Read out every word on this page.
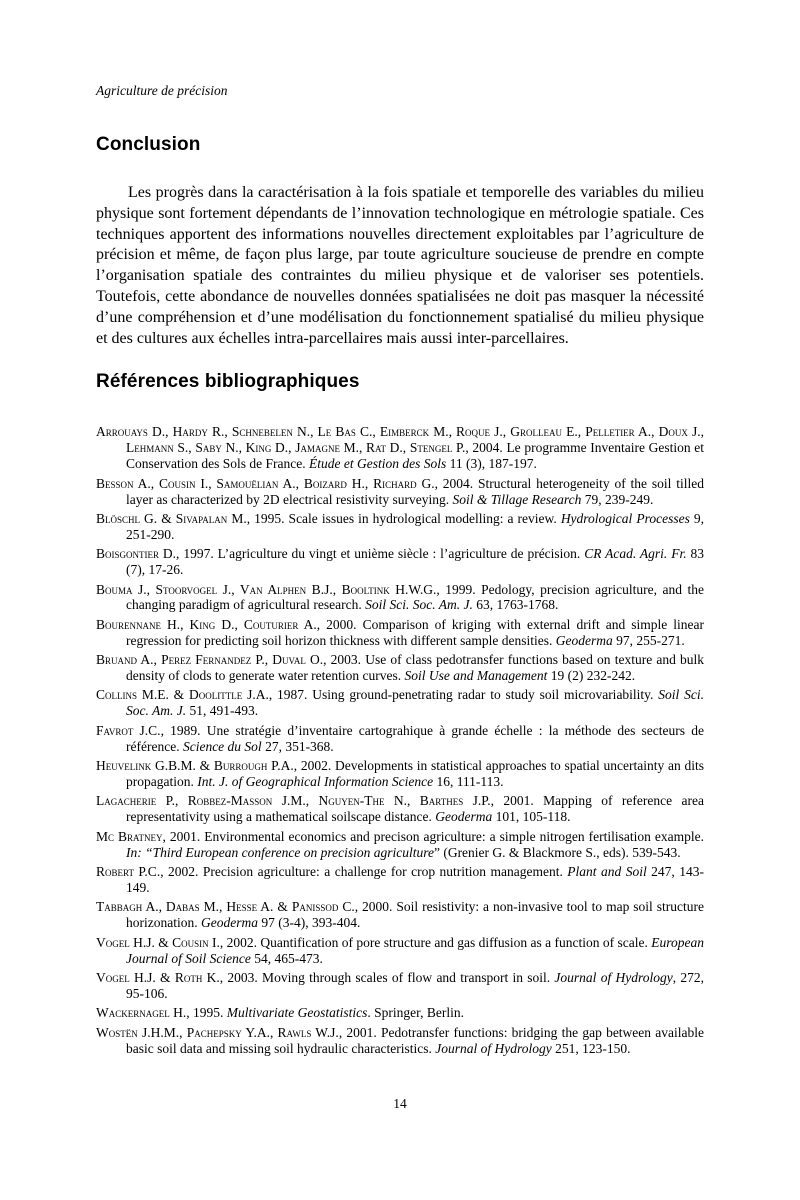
Agriculture de précision

Conclusion

Les progrès dans la caractérisation à la fois spatiale et temporelle des variables du milieu physique sont fortement dépendants de l’innovation technologique en métrologie spatiale. Ces techniques apportent des informations nouvelles directement exploitables par l’agriculture de précision et même, de façon plus large, par toute agriculture soucieuse de prendre en compte l’organisation spatiale des contraintes du milieu physique et de valoriser ses potentiels. Toutefois, cette abondance de nouvelles données spatialisées ne doit pas masquer la nécessité d’une compréhension et d’une modélisation du fonctionnement spatialisé du milieu physique et des cultures aux échelles intra-parcellaires mais aussi inter-parcellaires.

Références bibliographiques

Arrouays D., Hardy R., Schnebelen N., Le Bas C., Eimberck M., Roque J., Grolleau E., Pelletier A., Doux J., Lehmann S., Saby N., King D., Jamagne M., Rat D., Stengel P., 2004. Le programme Inventaire Gestion et Conservation des Sols de France. Étude et Gestion des Sols 11 (3), 187-197.

Besson A., Cousin I., Samouëlian A., Boizard H., Richard G., 2004. Structural heterogeneity of the soil tilled layer as characterized by 2D electrical resistivity surveying. Soil & Tillage Research 79, 239-249.

Blöschl G. & Sivapalan M., 1995. Scale issues in hydrological modelling: a review. Hydrological Processes 9, 251-290.

Boisgontier D., 1997. L’agriculture du vingt et unième siècle : l’agriculture de précision. CR Acad. Agri. Fr. 83 (7), 17-26.

Bouma J., Stoorvogel J., Van Alphen B.J., Booltink H.W.G., 1999. Pedology, precision agriculture, and the changing paradigm of agricultural research. Soil Sci. Soc. Am. J. 63, 1763-1768.

Bourennane H., King D., Couturier A., 2000. Comparison of kriging with external drift and simple linear regression for predicting soil horizon thickness with different sample densities. Geoderma 97, 255-271.

Bruand A., Perez Fernandez P., Duval O., 2003. Use of class pedotransfer functions based on texture and bulk density of clods to generate water retention curves. Soil Use and Management 19 (2) 232-242.

Collins M.E. & Doolittle J.A., 1987. Using ground-penetrating radar to study soil microvariability. Soil Sci. Soc. Am. J. 51, 491-493.

Favrot J.C., 1989. Une stratégie d’inventaire cartograhique à grande échelle : la méthode des secteurs de référence. Science du Sol 27, 351-368.

Heuvelink G.B.M. & Burrough P.A., 2002. Developments in statistical approaches to spatial uncertainty an dits propagation. Int. J. of Geographical Information Science 16, 111-113.

Lagacherie P., Robbez-Masson J.M., Nguyen-The N., Barthes J.P., 2001. Mapping of reference area representativity using a mathematical soilscape distance. Geoderma 101, 105-118.

Mc Bratney, 2001. Environmental economics and precison agriculture: a simple nitrogen fertilisation example. In: “Third European conference on precision agriculture” (Grenier G. & Blackmore S., eds). 539-543.

Robert P.C., 2002. Precision agriculture: a challenge for crop nutrition management. Plant and Soil 247, 143-149.

Tabbagh A., Dabas M., Hesse A. & Panissod C., 2000. Soil resistivity: a non-invasive tool to map soil structure horizonation. Geoderma 97 (3-4), 393-404.

Vogel H.J. & Cousin I., 2002. Quantification of pore structure and gas diffusion as a function of scale. European Journal of Soil Science 54, 465-473.

Vogel H.J. & Roth K., 2003. Moving through scales of flow and transport in soil. Journal of Hydrology, 272, 95-106.

Wackernagel H., 1995. Multivariate Geostatistics. Springer, Berlin.

Wostën J.H.M., Pachepsky Y.A., Rawls W.J., 2001. Pedotransfer functions: bridging the gap between available basic soil data and missing soil hydraulic characteristics. Journal of Hydrology 251, 123-150.

14
